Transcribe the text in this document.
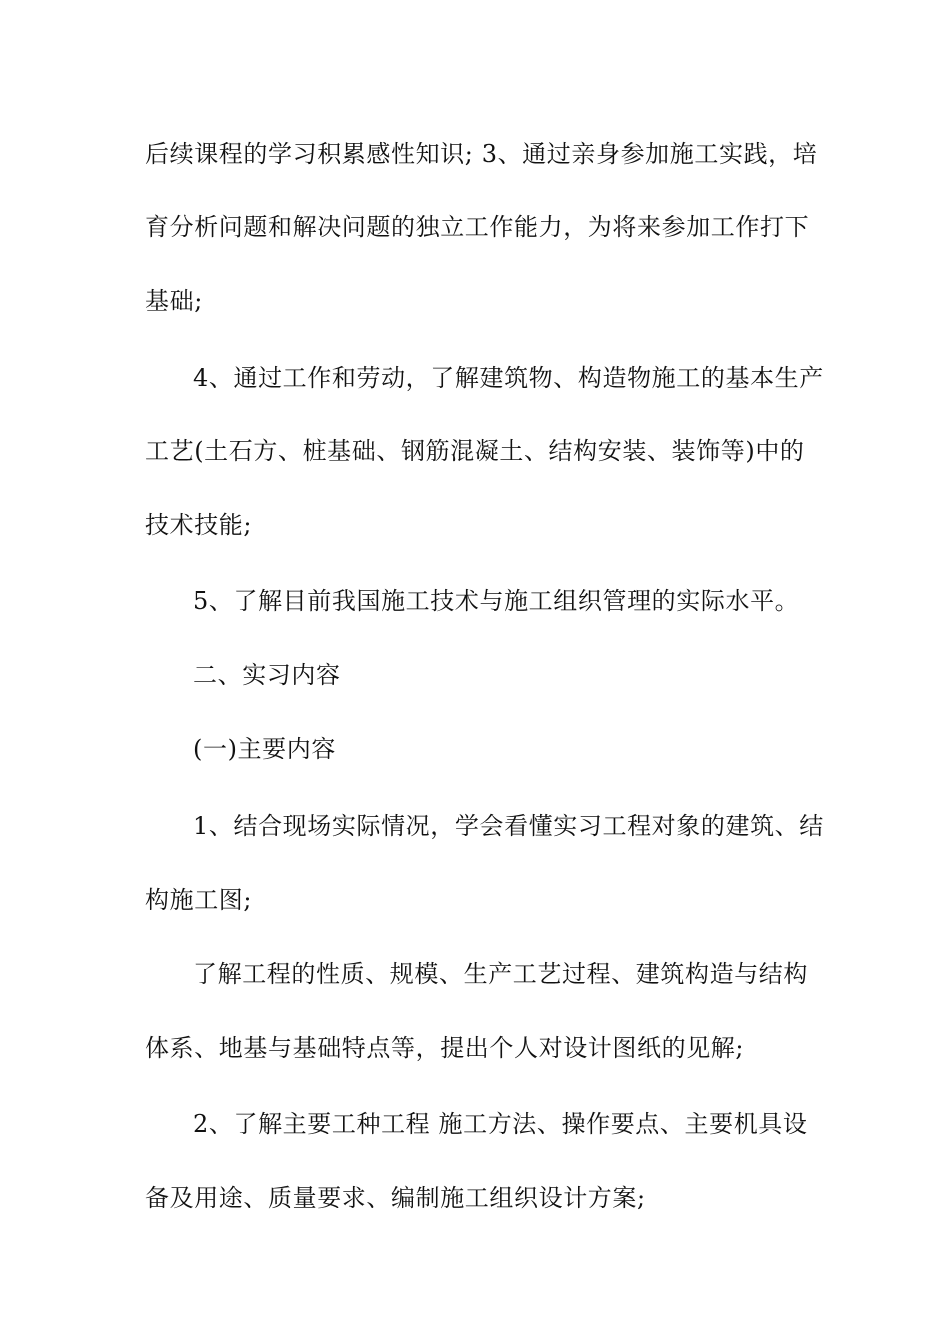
后续课程的学习积累感性知识; 3、通过亲身参加施工实践，培
育分析问题和解决问题的独立工作能力，为将来参加工作打下
基础;
4、通过工作和劳动，了解建筑物、构造物施工的基本生产
工艺(土石方、桩基础、钢筋混凝土、结构安装、装饰等)中的
技术技能;
5、了解目前我国施工技术与施工组织管理的实际水平。
二、实习内容
(一)主要内容
1、结合现场实际情况，学会看懂实习工程对象的建筑、结
构施工图;
了解工程的性质、规模、生产工艺过程、建筑构造与结构
体系、地基与基础特点等，提出个人对设计图纸的见解;
2、了解主要工种工程 施工方法、操作要点、主要机具设
备及用途、质量要求、编制施工组织设计方案;
